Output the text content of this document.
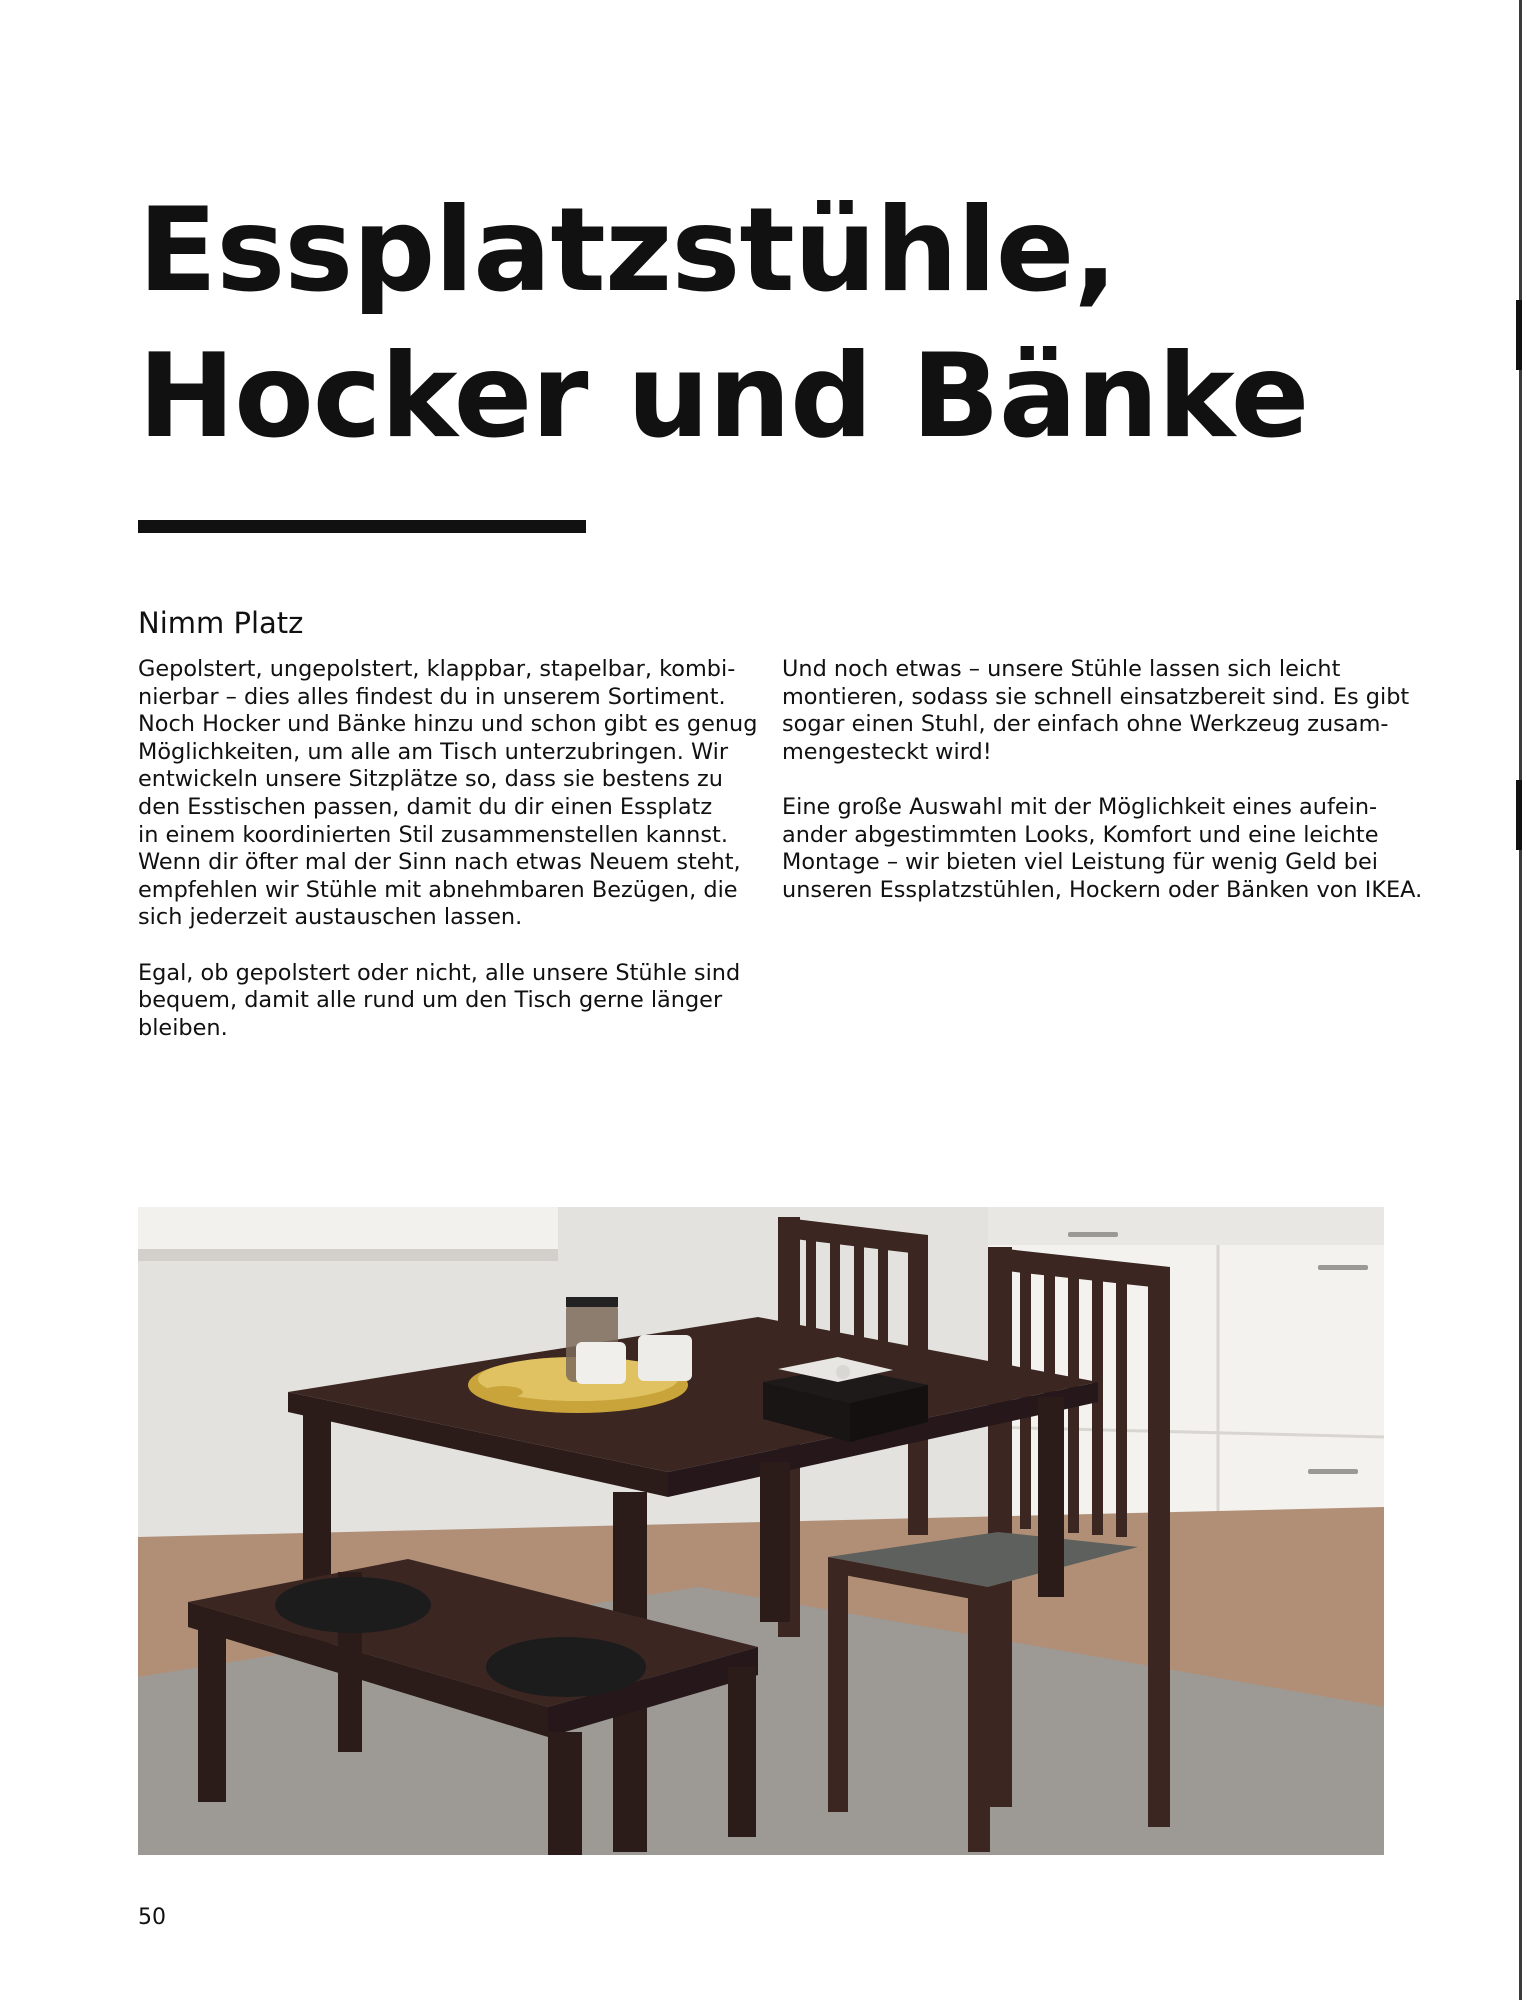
Essplatzstühle,
Hocker und Bänke
Nimm Platz

Gepolstert, ungepolstert, klappbar, stapelbar, kombi-
nierbar – dies alles findest du in unserem Sortiment.
Noch Hocker und Bänke hinzu und schon gibt es genug
Möglichkeiten, um alle am Tisch unterzubringen. Wir
entwickeln unsere Sitzplätze so, dass sie bestens zu
den Esstischen passen, damit du dir einen Essplatz
in einem koordinierten Stil zusammenstellen kannst.
Wenn dir öfter mal der Sinn nach etwas Neuem steht,
empfehlen wir Stühle mit abnehmbaren Bezügen, die
sich jederzeit austauschen lassen.

Egal, ob gepolstert oder nicht, alle unsere Stühle sind
bequem, damit alle rund um den Tisch gerne länger
bleiben.

Und noch etwas – unsere Stühle lassen sich leicht
montieren, sodass sie schnell einsatzbereit sind. Es gibt
sogar einen Stuhl, der einfach ohne Werkzeug zusam-
mengesteckt wird!

Eine große Auswahl mit der Möglichkeit eines aufein-
ander abgestimmten Looks, Komfort und eine leichte
Montage – wir bieten viel Leistung für wenig Geld bei
unseren Essplatzstühlen, Hockern oder Bänken von IKEA.

50
